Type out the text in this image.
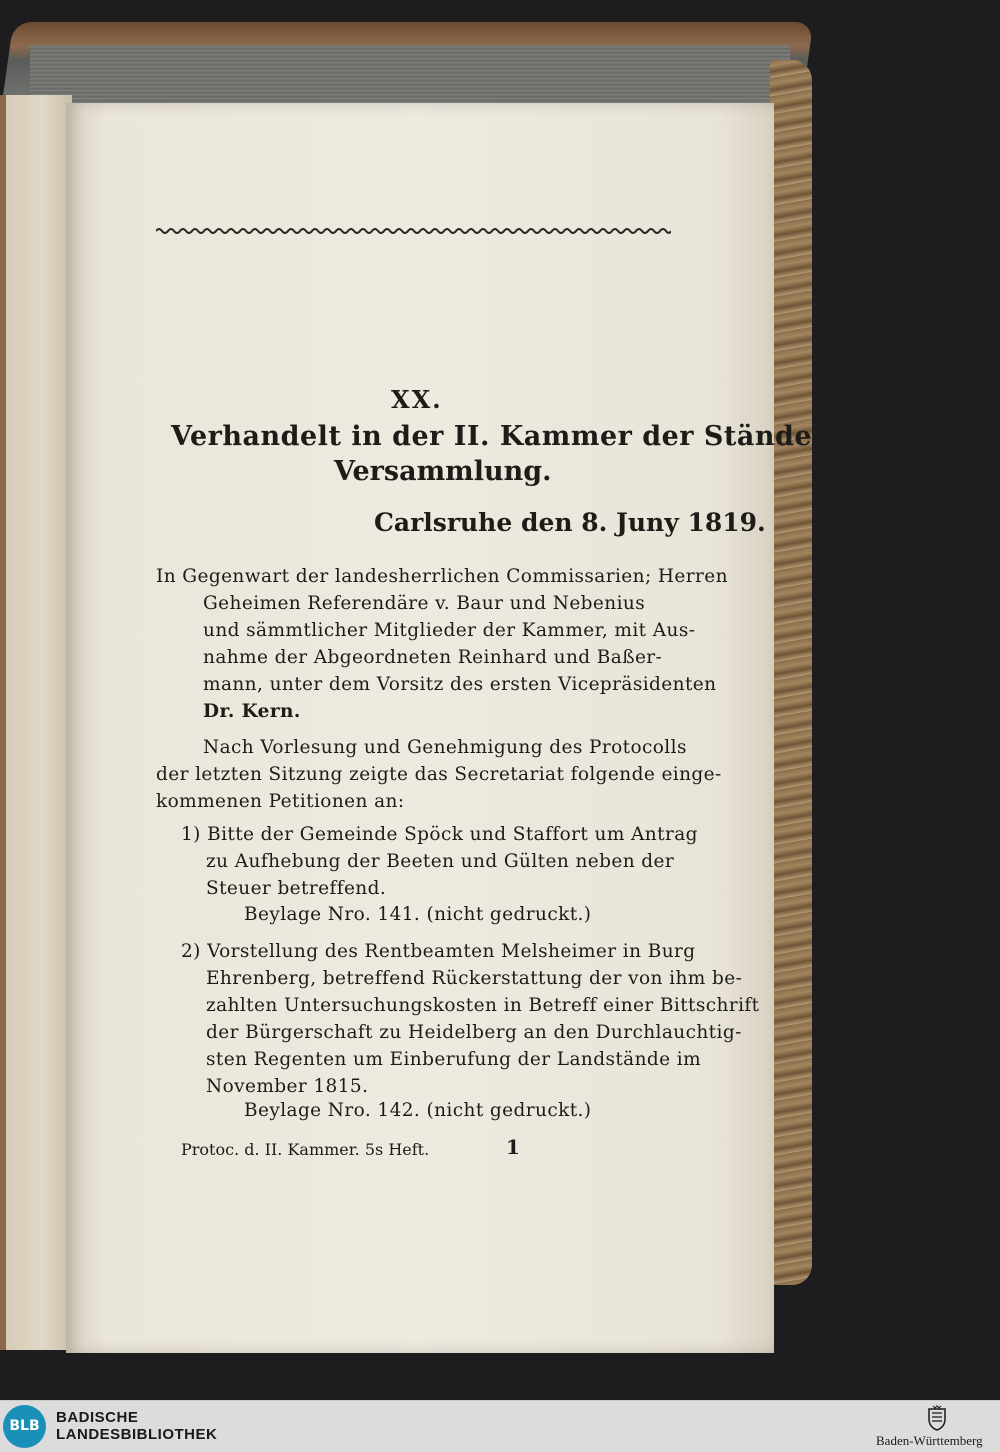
XX.
Verhandelt in der II. Kammer der Stände-
Versammlung.
Carlsruhe den 8. Juny 1819.
In Gegenwart der landesherrlichen Commissarien; Herren
Geheimen Referendäre v. Baur und Nebenius
und sämmtlicher Mitglieder der Kammer, mit Aus-
nahme der Abgeordneten Reinhard und Baßer-
mann, unter dem Vorsitz des ersten Vicepräsidenten
Dr. Kern.
Nach Vorlesung und Genehmigung des Protocolls
der letzten Sitzung zeigte das Secretariat folgende einge-
kommenen Petitionen an:
1) Bitte der Gemeinde Spöck und Staffort um Antrag
zu Aufhebung der Beeten und Gülten neben der
Steuer betreffend.
Beylage Nro. 141. (nicht gedruckt.)
2) Vorstellung des Rentbeamten Melsheimer in Burg
Ehrenberg, betreffend Rückerstattung der von ihm be-
zahlten Untersuchungskosten in Betreff einer Bittschrift
der Bürgerschaft zu Heidelberg an den Durchlauchtig-
sten Regenten um Einberufung der Landstände im
November 1815.
Beylage Nro. 142. (nicht gedruckt.)
Protoc. d. II. Kammer. 5s Heft.	1
BLB	BADISCHE
LANDESBIBLIOTHEK	Baden-Württemberg
